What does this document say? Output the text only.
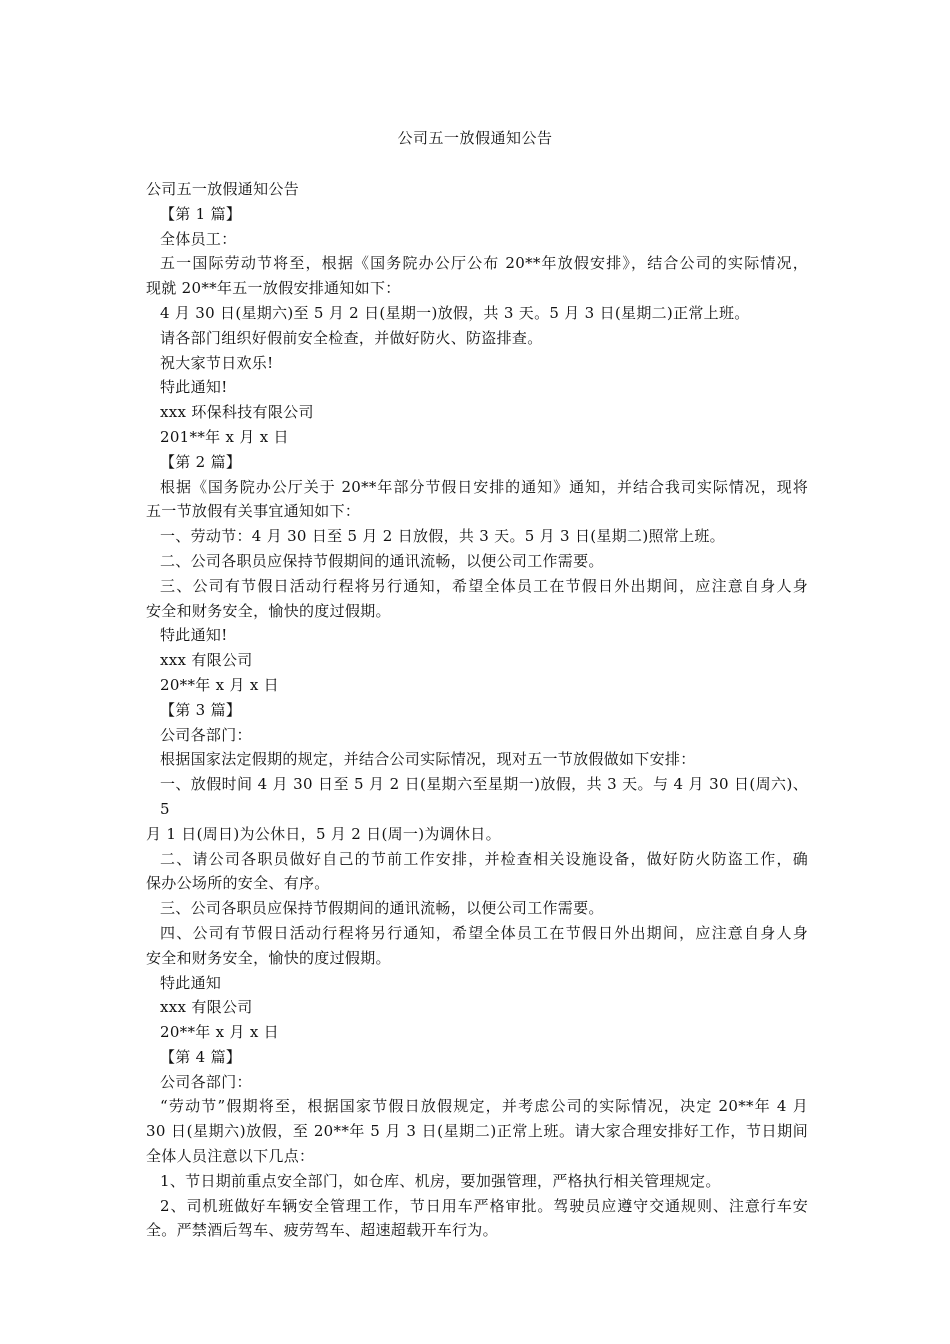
公司五一放假通知公告
公司五一放假通知公告
【第 1 篇】
全体员工：
五一国际劳动节将至，根据《国务院办公厅公布 20**年放假安排》，结合公司的实际情况，
现就 20**年五一放假安排通知如下：
4 月 30 日(星期六)至 5 月 2 日(星期一)放假，共 3 天。5 月 3 日(星期二)正常上班。
请各部门组织好假前安全检查，并做好防火、防盗排查。
祝大家节日欢乐!
特此通知!
xxx 环保科技有限公司
201**年 x 月 x 日
【第 2 篇】
根据《国务院办公厅关于 20**年部分节假日安排的通知》通知，并结合我司实际情况，现将
五一节放假有关事宜通知如下：
一、劳动节：4 月 30 日至 5 月 2 日放假，共 3 天。5 月 3 日(星期二)照常上班。
二、公司各职员应保持节假期间的通讯流畅，以便公司工作需要。
三、公司有节假日活动行程将另行通知，希望全体员工在节假日外出期间，应注意自身人身
安全和财务安全，愉快的度过假期。
特此通知!
xxx 有限公司
20**年 x 月 x 日
【第 3 篇】
公司各部门：
根据国家法定假期的规定，并结合公司实际情况，现对五一节放假做如下安排：
一、放假时间 4 月 30 日至 5 月 2 日(星期六至星期一)放假，共 3 天。与 4 月 30 日(周六)、5
月 1 日(周日)为公休日，5 月 2 日(周一)为调休日。
二、请公司各职员做好自己的节前工作安排，并检查相关设施设备，做好防火防盗工作，确
保办公场所的安全、有序。
三、公司各职员应保持节假期间的通讯流畅，以便公司工作需要。
四、公司有节假日活动行程将另行通知，希望全体员工在节假日外出期间，应注意自身人身
安全和财务安全，愉快的度过假期。
特此通知
xxx 有限公司
20**年 x 月 x 日
【第 4 篇】
公司各部门：
“劳动节”假期将至，根据国家节假日放假规定，并考虑公司的实际情况，决定 20**年 4 月
30 日(星期六)放假，至 20**年 5 月 3 日(星期二)正常上班。请大家合理安排好工作，节日期间
全体人员注意以下几点：
1、节日期前重点安全部门，如仓库、机房，要加强管理，严格执行相关管理规定。
2、司机班做好车辆安全管理工作，节日用车严格审批。驾驶员应遵守交通规则、注意行车安
全。严禁酒后驾车、疲劳驾车、超速超载开车行为。
